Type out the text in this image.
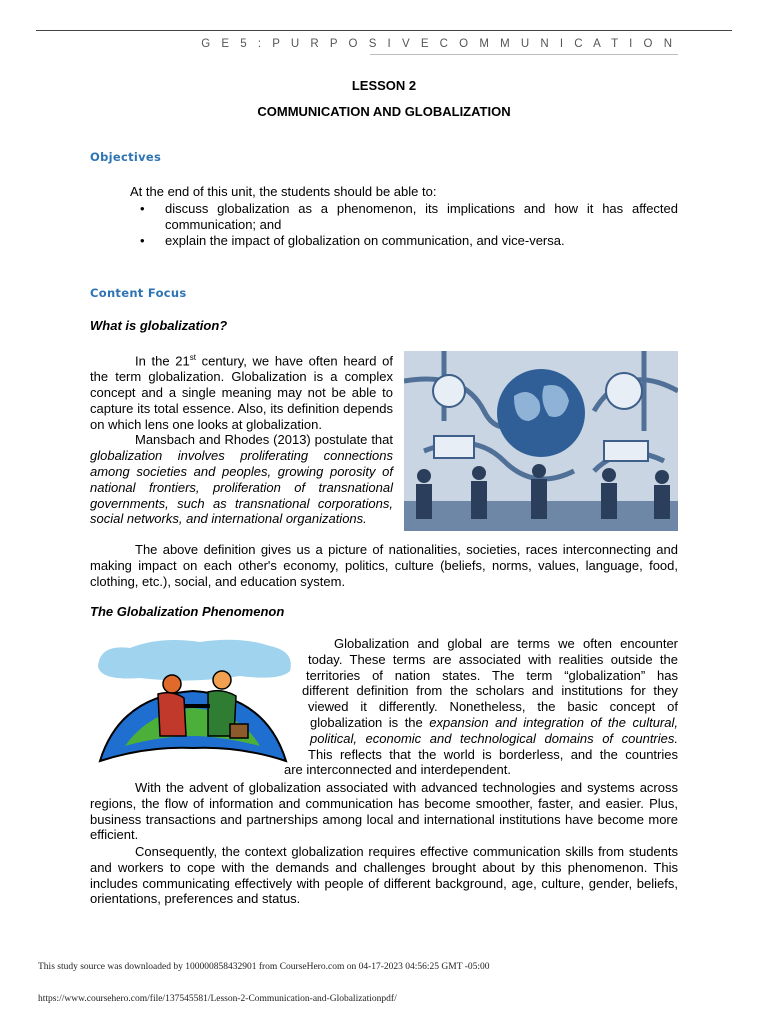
G E 5 : P U R P O S I V E C O M M U N I C A T I O N
LESSON 2
COMMUNICATION AND GLOBALIZATION
Objectives
At the end of this unit, the students should be able to:
• discuss globalization as a phenomenon, its implications and how it has affected communication; and
• explain the impact of globalization on communication, and vice-versa.
Content Focus
What is globalization?
In the 21st century, we have often heard of the term globalization. Globalization is a complex concept and a single meaning may not be able to capture its total essence. Also, its definition depends on which lens one looks at globalization.
Mansbach and Rhodes (2013) postulate that globalization involves proliferating connections among societies and peoples, growing porosity of national frontiers, proliferation of transnational governments, such as transnational corporations, social networks, and international organizations.
The above definition gives us a picture of nationalities, societies, races interconnecting and making impact on each other's economy, politics, culture (beliefs, norms, values, language, food, clothing, etc.), social, and education system.
The Globalization Phenomenon
Globalization and global are terms we often encounter
today. These terms are associated with realities outside the
territories of nation states. The term “globalization” has
different definition from the scholars and institutions for they
viewed it differently. Nonetheless, the basic concept of
globalization is the expansion and integration of the cultural,
political, economic and technological domains of countries.
This reflects that the world is borderless, and the countries
are interconnected and interdependent.
With the advent of globalization associated with advanced technologies and systems across regions, the flow of information and communication has become smoother, faster, and easier. Plus, business transactions and partnerships among local and international institutions have become more efficient.
Consequently, the context globalization requires effective communication skills from students and workers to cope with the demands and challenges brought about by this phenomenon. This includes communicating effectively with people of different background, age, culture, gender, beliefs, orientations, preferences and status.
This study source was downloaded by 100000858432901 from CourseHero.com on 04-17-2023 04:56:25 GMT -05:00
https://www.coursehero.com/file/137545581/Lesson-2-Communication-and-Globalizationpdf/
